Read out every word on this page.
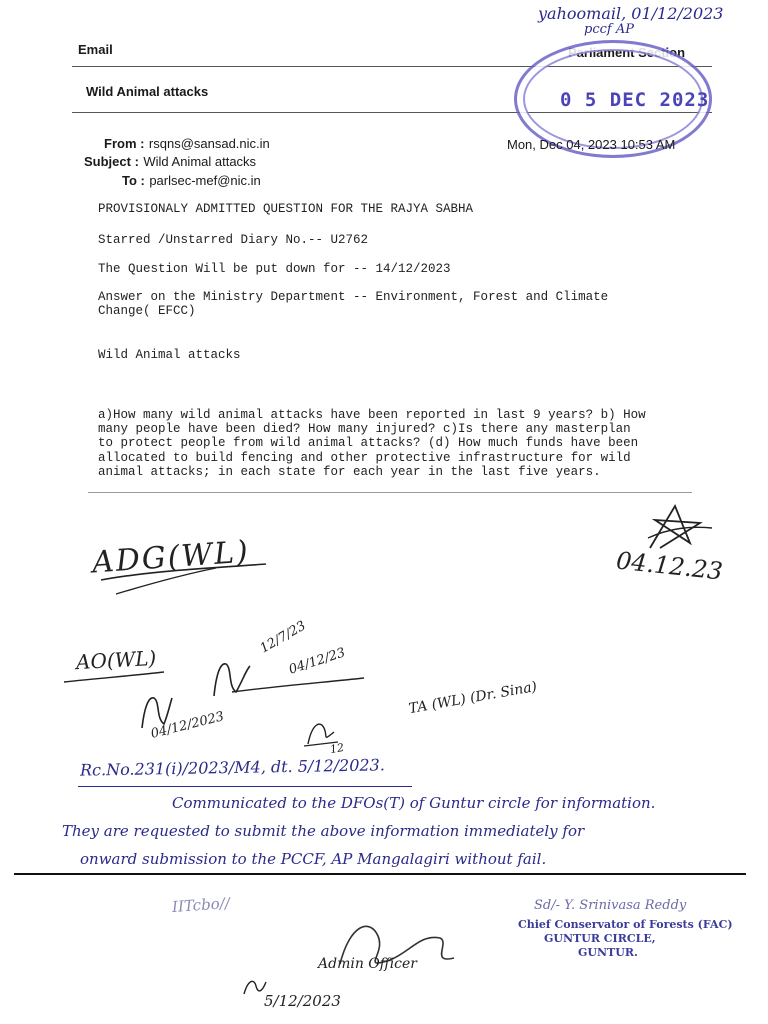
yahoomail, 01/12/2023
pccf AP
Email	Parliament Section
Wild Animal attacks	0 5 DEC 2023
From : rsqns@sansad.nic.in
Subject : Wild Animal attacks
To : parlsec-mef@nic.in
Mon, Dec 04, 2023 10:53 AM
PROVISIONALY ADMITTED QUESTION FOR THE RAJYA SABHA
Starred /Unstarred Diary No.-- U2762
The Question Will be put down for -- 14/12/2023
Answer on the Ministry Department -- Environment, Forest and Climate
Change( EFCC)
Wild Animal attacks
a)How many wild animal attacks have been reported in last 9 years? b) How
many people have been died? How many injured? c)Is there any masterplan
to protect people from wild animal attacks? (d) How much funds have been
allocated to build fencing and other protective infrastructure for wild
animal attacks; in each state for each year in the last five years.
ADG(WL)	04.12.23
AO(WL)
12/7/23
04/12/23
04/12/2023
TA (WL) (Dr. Sina)
12
Rc.No.231(i)/2023/M4, dt. 5/12/2023.
Communicated to the DFOs(T) of Guntur circle for information.
They are requested to submit the above information immediately for
onward submission to the PCCF, AP Mangalagiri without fail.
IITcbo//	Sd/- Y. Srinivasa Reddy
Chief Conservator of Forests (FAC)
GUNTUR CIRCLE,
GUNTUR.
Admin Officer
5/12/2023
